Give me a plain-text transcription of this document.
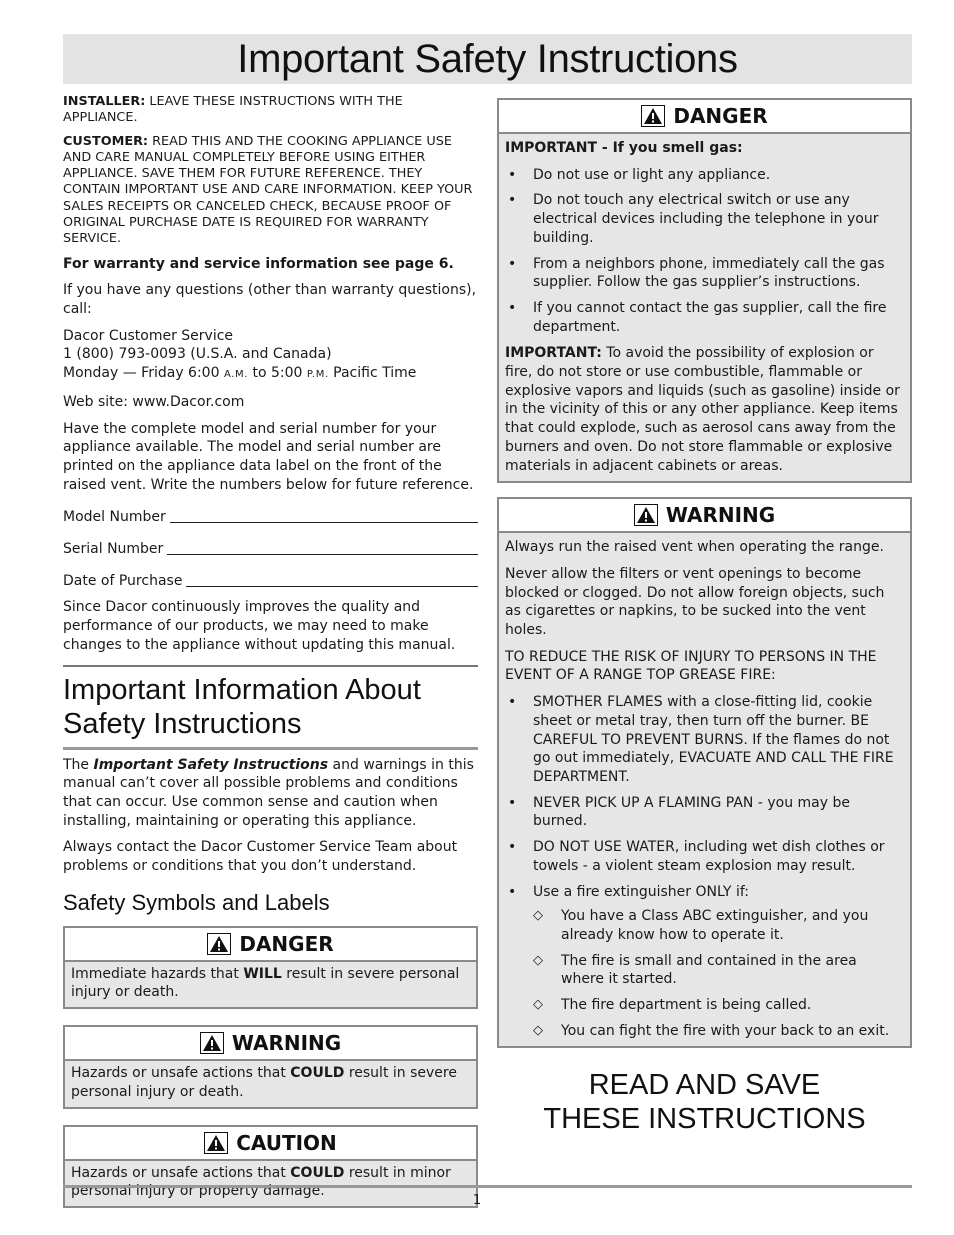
Important Safety Instructions

INSTALLER: LEAVE THESE INSTRUCTIONS WITH THE APPLIANCE.

CUSTOMER: READ THIS AND THE COOKING APPLIANCE USE AND CARE MANUAL COMPLETELY BEFORE USING EITHER APPLIANCE. SAVE THEM FOR FUTURE REFERENCE. THEY CONTAIN IMPORTANT USE AND CARE INFORMATION. KEEP YOUR SALES RECEIPTS OR CANCELED CHECK, BECAUSE PROOF OF ORIGINAL PURCHASE DATE IS REQUIRED FOR WARRANTY SERVICE.

For warranty and service information see page 6.

If you have any questions (other than warranty questions), call:

Dacor Customer Service
1 (800) 793-0093 (U.S.A. and Canada)
Monday — Friday 6:00 A.M. to 5:00 P.M. Pacific Time

Web site: www.Dacor.com

Have the complete model and serial number for your appliance available. The model and serial number are printed on the appliance data label on the front of the raised vent. Write the numbers below for future reference.

Model Number
Serial Number
Date of Purchase

Since Dacor continuously improves the quality and performance of our products, we may need to make changes to the appliance without updating this manual.

Important Information About Safety Instructions

The Important Safety Instructions and warnings in this manual can’t cover all possible problems and conditions that can occur. Use common sense and caution when installing, maintaining or operating this appliance.

Always contact the Dacor Customer Service Team about problems or conditions that you don’t understand.

Safety Symbols and Labels
DANGER

Immediate hazards that WILL result in severe personal injury or death.

WARNING

Hazards or unsafe actions that COULD result in severe personal injury or death.

CAUTION

Hazards or unsafe actions that COULD result in minor personal injury or property damage.

DANGER

IMPORTANT - If you smell gas:

• Do not use or light any appliance.
• Do not touch any electrical switch or use any electrical devices including the telephone in your building.
• From a neighbors phone, immediately call the gas supplier. Follow the gas supplier’s instructions.
• If you cannot contact the gas supplier, call the fire department.

IMPORTANT: To avoid the possibility of explosion or fire, do not store or use combustible, flammable or explosive vapors and liquids (such as gasoline) inside or in the vicinity of this or any other appliance. Keep items that could explode, such as aerosol cans away from the burners and oven. Do not store flammable or explosive materials in adjacent cabinets or areas.

WARNING

Always run the raised vent when operating the range.

Never allow the filters or vent openings to become blocked or clogged. Do not allow foreign objects, such as cigarettes or napkins, to be sucked into the vent holes.

TO REDUCE THE RISK OF INJURY TO PERSONS IN THE EVENT OF A RANGE TOP GREASE FIRE:

• SMOTHER FLAMES with a close-fitting lid, cookie sheet or metal tray, then turn off the burner. BE CAREFUL TO PREVENT BURNS. If the flames do not go out immediately, EVACUATE AND CALL THE FIRE DEPARTMENT.
• NEVER PICK UP A FLAMING PAN - you may be burned.
• DO NOT USE WATER, including wet dish clothes or towels - a violent steam explosion may result.
• Use a fire extinguisher ONLY if:
◇ You have a Class ABC extinguisher, and you already know how to operate it.
◇ The fire is small and contained in the area where it started.
◇ The fire department is being called.
◇ You can fight the fire with your back to an exit.
READ AND SAVE
THESE INSTRUCTIONS
1
